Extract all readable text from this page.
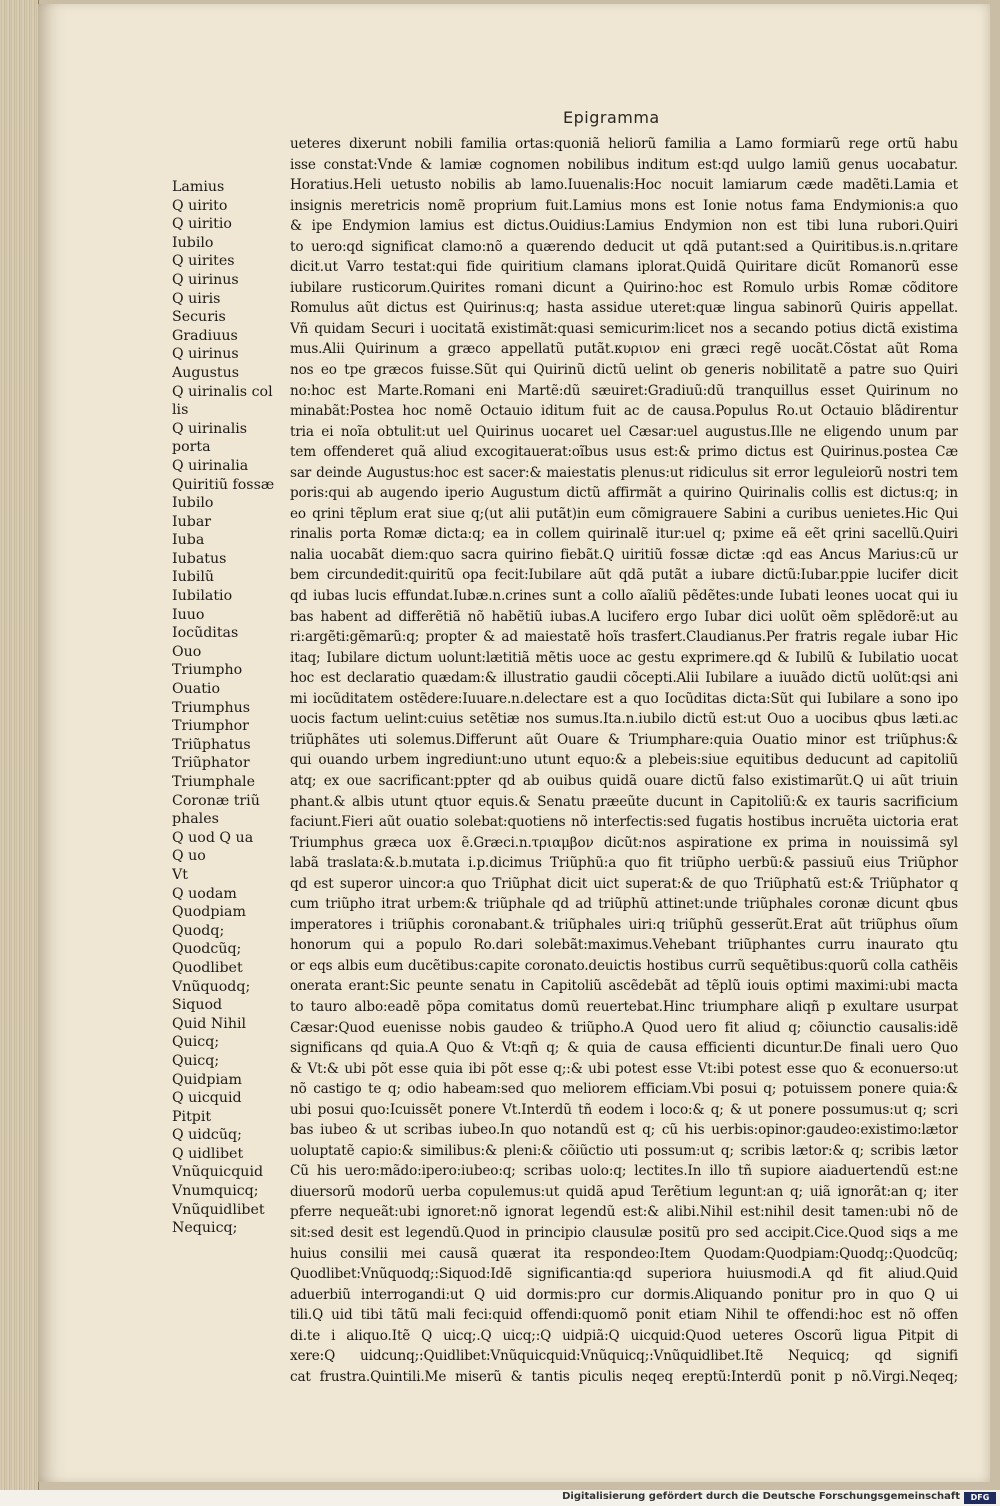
Epigramma
Lamius
Q uirito
Q uiritio
Iubilo
Q uirites
Q uirinus
Q uiris
Securis
Gradiuus
Q uirinus
Augustus
Q uirinalis col
lis
Q uirinalis
porta
Q uirinalia
Quiritiũ fossæ
Iubilo
Iubar
Iuba
Iubatus
Iubilũ
Iubilatio
Iuuo
Iocũditas
Ouo
Triumpho
Ouatio
Triumphus
Triumphor
Triũphatus
Triũphator
Triumphale
Coronæ triũ
phales
Q uod Q ua
Q uo
Vt
Q uodam
Quodpiam
Quodq;
Quodcũq;
Quodlibet
Vnũquodq;
Siquod
Quid Nihil
Quicq;
Quicq;
Quidpiam
Q uicquid
Pitpit
Q uidcũq;
Q uidlibet
Vnũquicquid
Vnumquicq;
Vnũquidlibet
Nequicq;
ueteres dixerunt nobili familia ortas:quoniã heliorũ familia a Lamo formiarũ rege ortũ habu
isse constat:Vnde & lamiæ cognomen nobilibus inditum est:qd uulgo lamiũ genus uocabatur.
Horatius.Heli uetusto nobilis ab lamo.Iuuenalis:Hoc nocuit lamiarum cæde madẽti.Lamia et
insignis meretricis nomẽ proprium fuit.Lamius mons est Ionie notus fama Endymionis:a quo
& ipe Endymion lamius est dictus.Ouidius:Lamius Endymion non est tibi luna rubori.Quiri
to uero:qd significat clamo:nõ a quærendo deducit ut qdã putant:sed a Quiritibus.is.n.qritare
dicit.ut Varro testat:qui fide quiritium clamans iplorat.Quidã Quiritare dicũt Romanorũ esse
iubilare rusticorum.Quirites romani dicunt a Quirino:hoc est Romulo urbis Romæ cõditore
Romulus aũt dictus est Quirinus:q; hasta assidue uteret:quæ lingua sabinorũ Quiris appellat.
Vñ quidam Securi i uocitatã existimãt:quasi semicurim:licet nos a secando potius dictã existima
mus.Alii Quirinum a græco appellatũ putãt.κυριον eni græci regẽ uocãt.Cõstat aũt Roma
nos eo tpe græcos fuisse.Sũt qui Quirinũ dictũ uelint ob generis nobilitatẽ a patre suo Quiri
no:hoc est Marte.Romani eni Martẽ:dũ sæuiret:Gradiuũ:dũ tranquillus esset Quirinum no
minabãt:Postea hoc nomẽ Octauio iditum fuit ac de causa.Populus Ro.ut Octauio blãdirentur
tria ei noĩa obtulit:ut uel Quirinus uocaret uel Cæsar:uel augustus.Ille ne eligendo unum par
tem offenderet quã aliud excogitauerat:oĩbus usus est:& primo dictus est Quirinus.postea Cæ
sar deinde Augustus:hoc est sacer:& maiestatis plenus:ut ridiculus sit error leguleiorũ nostri tem
poris:qui ab augendo iperio Augustum dictũ affirmãt a quirino Quirinalis collis est dictus:q; in
eo qrini tẽplum erat siue q;(ut alii putãt)in eum cõmigrauere Sabini a curibus uenietes.Hic Qui
rinalis porta Romæ dicta:q; ea in collem quirinalẽ itur:uel q; pxime eã eẽt qrini sacellũ.Quiri
nalia uocabãt diem:quo sacra quirino fiebãt.Q uiritiũ fossæ dictæ :qd eas Ancus Marius:cũ ur
bem circundedit:quiritũ opa fecit:Iubilare aũt qdã putãt a iubare dictũ:Iubar.ppie lucifer dicit
qd iubas lucis effundat.Iubæ.n.crines sunt a collo aĩaliũ pẽdẽtes:unde Iubati leones uocat qui iu
bas habent ad differẽtiã nõ habẽtiũ iubas.A lucifero ergo Iubar dici uolũt oẽm splẽdorẽ:ut au
ri:argẽti:gẽmarũ:q; propter & ad maiestatẽ hoĩs trasfert.Claudianus.Per fratris regale iubar Hic
itaq; Iubilare dictum uolunt:lætitiã mẽtis uoce ac gestu exprimere.qd & Iubilũ & Iubilatio uocat
hoc est declaratio quædam:& illustratio gaudii cõcepti.Alii Iubilare a iuuãdo dictũ uolũt:qsi ani
mi iocũditatem ostẽdere:Iuuare.n.delectare est a quo Iocũditas dicta:Sũt qui Iubilare a sono ipo
uocis factum uelint:cuius setẽtiæ nos sumus.Ita.n.iubilo dictũ est:ut Ouo a uocibus qbus læti.ac
triũphãtes uti solemus.Differunt aũt Ouare & Triumphare:quia Ouatio minor est triũphus:&
qui ouando urbem ingrediunt:uno utunt equo:& a plebeis:siue equitibus deducunt ad capitoliũ
atq; ex oue sacrificant:ppter qd ab ouibus quidã ouare dictũ falso existimarũt.Q ui aũt triuin
phant.& albis utunt qtuor equis.& Senatu præeũte ducunt in Capitoliũ:& ex tauris sacrificium
faciunt.Fieri aũt ouatio solebat:quotiens nõ interfectis:sed fugatis hostibus incruẽta uictoria erat
Triumphus græca uox ẽ.Græci.n.τριαμβον dicũt:nos aspiratione ex prima in nouissimã syl
labã traslata:&.b.mutata i.p.dicimus Triũphũ:a quo fit triũpho uerbũ:& passiuũ eius Triũphor
qd est superor uincor:a quo Triũphat dicit uict superat:& de quo Triũphatũ est:& Triũphator q
cum triũpho itrat urbem:& triũphale qd ad triũphũ attinet:unde triũphales coronæ dicunt qbus
imperatores i triũphis coronabant.& triũphales uiri:q triũphũ gesserũt.Erat aũt triũphus oĩum
honorum qui a populo Ro.dari solebãt:maximus.Vehebant triũphantes curru inaurato qtu
or eqs albis eum ducẽtibus:capite coronato.deuictis hostibus currũ sequẽtibus:quorũ colla cathẽis
onerata erant:Sic peunte senatu in Capitoliũ ascẽdebãt ad tẽplũ iouis optimi maximi:ubi macta
to tauro albo:eadẽ põpa comitatus domũ reuertebat.Hinc triumphare aliqñ p exultare usurpat
Cæsar:Quod euenisse nobis gaudeo & triũpho.A Quod uero fit aliud q; cõiunctio causalis:idẽ
significans qd quia.A Quo & Vt:qñ q; & quia de causa efficienti dicuntur.De finali uero Quo
& Vt:& ubi põt esse quia ibi põt esse q;:& ubi potest esse Vt:ibi potest esse quo & econuerso:ut
nõ castigo te q; odio habeam:sed quo meliorem efficiam.Vbi posui q; potuissem ponere quia:&
ubi posui quo:Icuissẽt ponere Vt.Interdũ tñ eodem i loco:& q; & ut ponere possumus:ut q; scri
bas iubeo & ut scribas iubeo.In quo notandũ est q; cũ his uerbis:opinor:gaudeo:existimo:lætor
uoluptatẽ capio:& similibus:& pleni:& cõiũctio uti possum:ut q; scribis lætor:& q; scribis lætor
Cũ his uero:mãdo:ipero:iubeo:q; scribas uolo:q; lectites.In illo tñ supiore aiaduertendũ est:ne
diuersorũ modorũ uerba copulemus:ut quidã apud Terẽtium legunt:an q; uiã ignorãt:an q; iter
pferre nequeãt:ubi ignoret:nõ ignorat legendũ est:& alibi.Nihil est:nihil desit tamen:ubi nõ de
sit:sed desit est legendũ.Quod in principio clausulæ positũ pro sed accipit.Cice.Quod siqs a me
huius consilii mei causã quærat ita respondeo:Item Quodam:Quodpiam:Quodq;:Quodcũq;
Quodlibet:Vnũquodq;:Siquod:Idẽ significantia:qd superiora huiusmodi.A qd fit aliud.Quid
aduerbiũ interrogandi:ut Q uid dormis:pro cur dormis.Aliquando ponitur pro in quo Q ui
tili.Q uid tibi tãtũ mali feci:quid offendi:quomõ ponit etiam Nihil te offendi:hoc est nõ offen
di.te i aliquo.Itẽ Q uicq;.Q uicq;:Q uidpiã:Q uicquid:Quod ueteres Oscorũ ligua Pitpit di
xere:Q uidcunq;:Quidlibet:Vnũquicquid:Vnũquicq;:Vnũquidlibet.Itẽ Nequicq; qd signifi
cat frustra.Quintili.Me miserũ & tantis piculis neqeq ereptũ:Interdũ ponit p nõ.Virgi.Neqeq;
Digitalisierung gefördert durch die Deutsche Forschungsgemeinschaft	DFG
